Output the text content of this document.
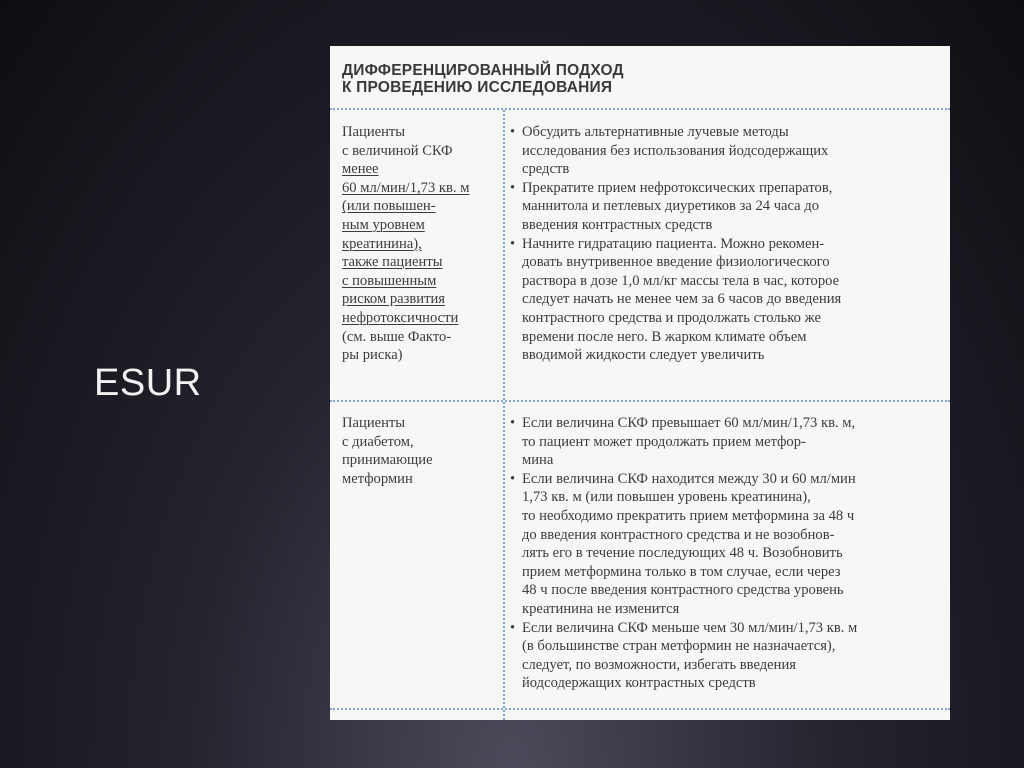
ESUR
ДИФФЕРЕНЦИРОВАННЫЙ ПОДХОД
К ПРОВЕДЕНИЮ ИССЛЕДОВАНИЯ
Пациенты
с величиной СКФ
менее
60 мл/мин/1,73 кв. м
(или повышен-
ным уровнем
креатинина),
также пациенты
с повышенным
риском развития
нефротоксичности
(см. выше Факто-
ры риска)
• Обсудить альтернативные лучевые методы
исследования без использования йодсодержащих
средств
• Прекратите прием нефротоксических препаратов,
маннитола и петлевых диуретиков за 24 часа до
введения контрастных средств
• Начните гидратацию пациента. Можно рекомен-
довать внутривенное введение физиологического
раствора в дозе 1,0 мл/кг массы тела в час, которое
следует начать не менее чем за 6 часов до введения
контрастного средства и продолжать столько же
времени после него. В жарком климате объем
вводимой жидкости следует увеличить
Пациенты
с диабетом,
принимающие
метформин
• Если величина СКФ превышает 60 мл/мин/1,73 кв. м,
то пациент может продолжать прием метфор-
мина
• Если величина СКФ находится между 30 и 60 мл/мин
1,73 кв. м (или повышен уровень креатинина),
то необходимо прекратить прием метформина за 48 ч
до введения контрастного средства и не возобнов-
лять его в течение последующих 48 ч. Возобновить
прием метформина только в том случае, если через
48 ч после введения контрастного средства уровень
креатинина не изменится
• Если величина СКФ меньше чем 30 мл/мин/1,73 кв. м
(в большинстве стран метформин не назначается),
следует, по возможности, избегать введения
йодсодержащих контрастных средств
